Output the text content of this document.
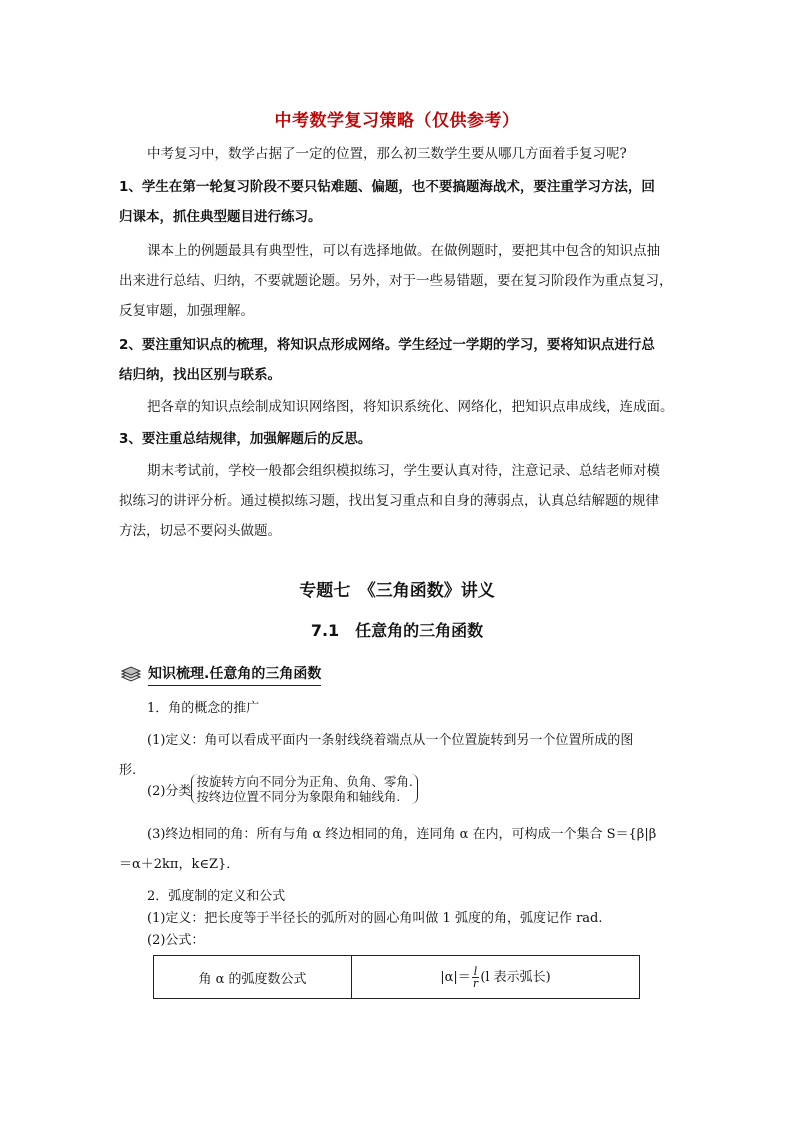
中考数学复习策略（仅供参考）
中考复习中，数学占据了一定的位置，那么初三数学生要从哪几方面着手复习呢?
1、学生在第一轮复习阶段不要只钻难题、偏题，也不要搞题海战术，要注重学习方法，回
归课本，抓住典型题目进行练习。
课本上的例题最具有典型性，可以有选择地做。在做例题时，要把其中包含的知识点抽
出来进行总结、归纳，不要就题论题。另外，对于一些易错题，要在复习阶段作为重点复习，
反复审题，加强理解。
2、要注重知识点的梳理，将知识点形成网络。学生经过一学期的学习，要将知识点进行总
结归纳，找出区别与联系。
把各章的知识点绘制成知识网络图，将知识系统化、网络化，把知识点串成线，连成面。
3、要注重总结规律，加强解题后的反思。
期末考试前，学校一般都会组织模拟练习，学生要认真对待，注意记录、总结老师对模
拟练习的讲评分析。通过模拟练习题，找出复习重点和自身的薄弱点，认真总结解题的规律
方法，切忌不要闷头做题。
专题七　《三角函数》讲义
7.1　任意角的三角函数
知识梳理.任意角的三角函数
1．角的概念的推广
(1)定义：角可以看成平面内一条射线绕着端点从一个位置旋转到另一个位置所成的图
形.
(2)分类
按旋转方向不同分为正角、负角、零角.
按终边位置不同分为象限角和轴线角.
(3)终边相同的角：所有与角 α 终边相同的角，连同角 α 在内，可构成一个集合 S＝{β|β
＝α＋2kπ，k∈Z}．
2．弧度制的定义和公式
(1)定义：把长度等于半径长的弧所对的圆心角叫做 1 弧度的角，弧度记作 rad.
(2)公式：
角 α 的弧度数公式	$|\alpha|= \frac{l}{r} (l$ 表示弧长)
